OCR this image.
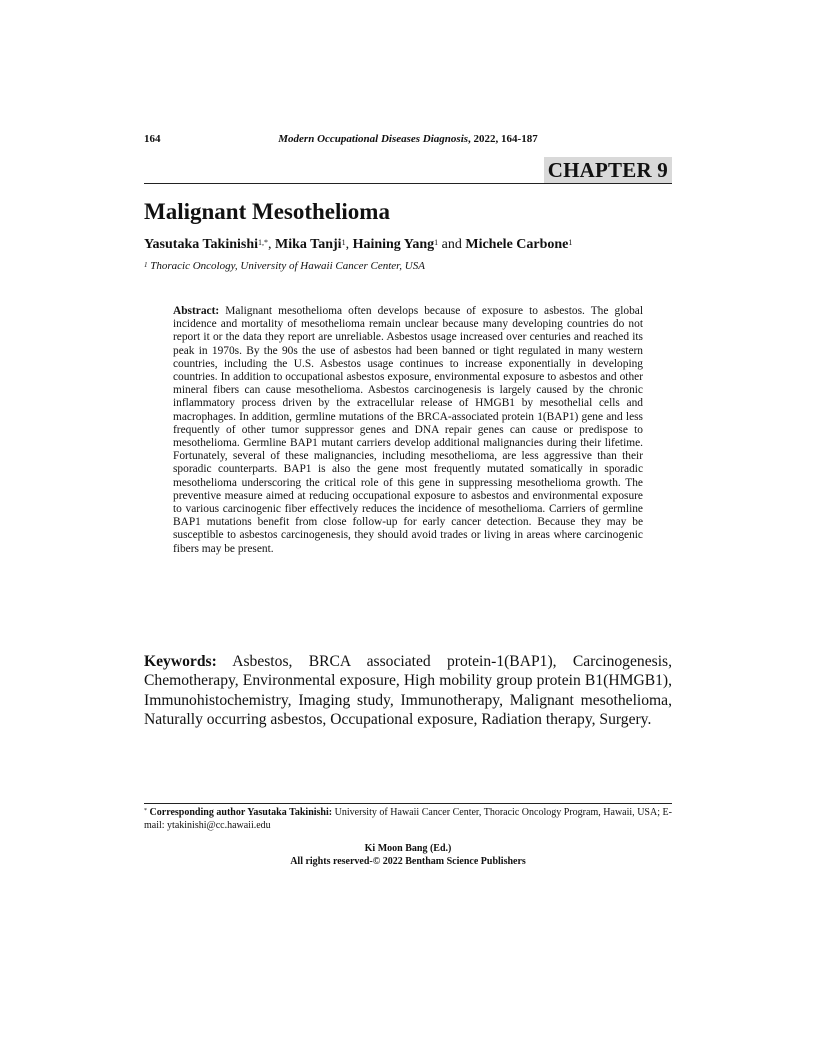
164	Modern Occupational Diseases Diagnosis, 2022, 164-187
CHAPTER 9
Malignant Mesothelioma
Yasutaka Takinishi$^{1,*}$, Mika Tanji$^1$, Haining Yang$^1$ and Michele Carbone$^1$
$^1$ Thoracic Oncology, University of Hawaii Cancer Center, USA
Abstract: Malignant mesothelioma often develops because of exposure to asbestos. The global incidence and mortality of mesothelioma remain unclear because many developing countries do not report it or the data they report are unreliable. Asbestos usage increased over centuries and reached its peak in 1970s. By the 90s the use of asbestos had been banned or tight regulated in many western countries, including the U.S. Asbestos usage continues to increase exponentially in developing countries. In addition to occupational asbestos exposure, environmental exposure to asbestos and other mineral fibers can cause mesothelioma. Asbestos carcinogenesis is largely caused by the chronic inflammatory process driven by the extracellular release of HMGB1 by mesothelial cells and macrophages. In addition, germline mutations of the BRCA-associated protein 1(BAP1) gene and less frequently of other tumor suppressor genes and DNA repair genes can cause or predispose to mesothelioma. Germline BAP1 mutant carriers develop additional malignancies during their lifetime. Fortunately, several of these malignancies, including mesothelioma, are less aggressive than their sporadic counterparts. BAP1 is also the gene most frequently mutated somatically in sporadic mesothelioma underscoring the critical role of this gene in suppressing mesothelioma growth. The preventive measure aimed at reducing occupational exposure to asbestos and environmental exposure to various carcinogenic fiber effectively reduces the incidence of mesothelioma. Carriers of germline BAP1 mutations benefit from close follow-up for early cancer detection. Because they may be susceptible to asbestos carcinogenesis, they should avoid trades or living in areas where carcinogenic fibers may be present.
Keywords: Asbestos, BRCA associated protein-1(BAP1), Carcinogenesis, Chemotherapy, Environmental exposure, High mobility group protein B1(HMGB1), Immunohistochemistry, Imaging study, Immunotherapy, Malignant mesothelioma, Naturally occurring asbestos, Occupational exposure, Radiation therapy, Surgery.
* Corresponding author Yasutaka Takinishi: University of Hawaii Cancer Center, Thoracic Oncology Program, Hawaii, USA; E-mail: ytakinishi@cc.hawaii.edu
Ki Moon Bang (Ed.)
All rights reserved-© 2022 Bentham Science Publishers
